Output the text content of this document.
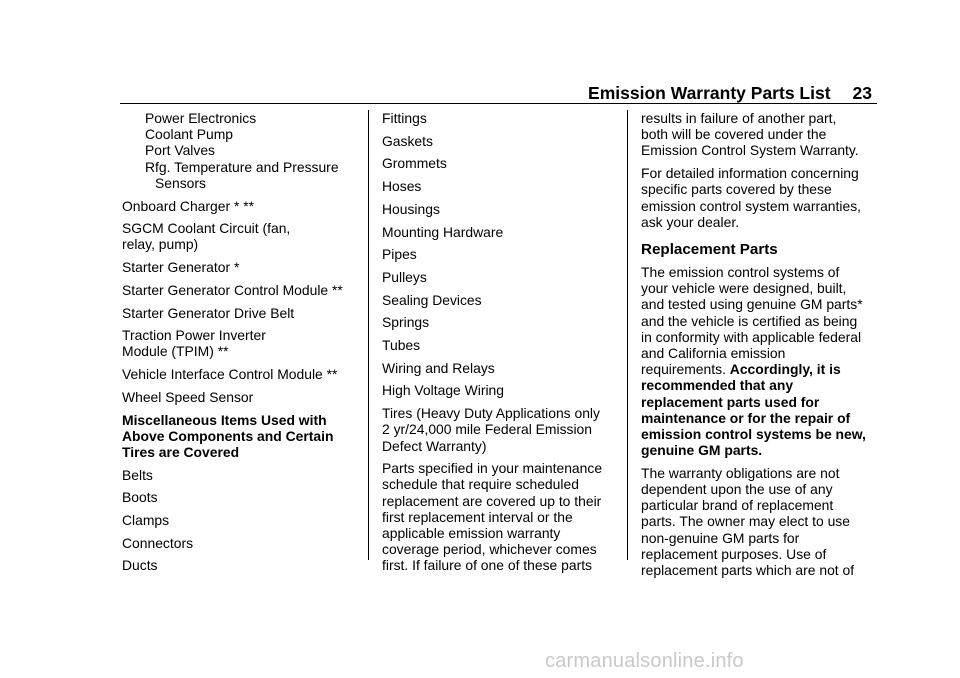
Emission Warranty Parts List 23
Power Electronics
Coolant Pump
Port Valves
Rfg. Temperature and Pressure
Sensors
Onboard Charger * **
SGCM Coolant Circuit (fan,
relay, pump)
Starter Generator *
Starter Generator Control Module **
Starter Generator Drive Belt
Traction Power Inverter
Module (TPIM) **
Vehicle Interface Control Module **
Wheel Speed Sensor
Miscellaneous Items Used with
Above Components and Certain
Tires are Covered
Belts
Boots
Clamps
Connectors
Ducts
Fittings
Gaskets
Grommets
Hoses
Housings
Mounting Hardware
Pipes
Pulleys
Sealing Devices
Springs
Tubes
Wiring and Relays
High Voltage Wiring
Tires (Heavy Duty Applications only
2 yr/24,000 mile Federal Emission
Defect Warranty)
Parts specified in your maintenance
schedule that require scheduled
replacement are covered up to their
first replacement interval or the
applicable emission warranty
coverage period, whichever comes
first. If failure of one of these parts
results in failure of another part,
both will be covered under the
Emission Control System Warranty.
For detailed information concerning
specific parts covered by these
emission control system warranties,
ask your dealer.
Replacement Parts
The emission control systems of
your vehicle were designed, built,
and tested using genuine GM parts*
and the vehicle is certified as being
in conformity with applicable federal
and California emission
requirements. Accordingly, it is
recommended that any
replacement parts used for
maintenance or for the repair of
emission control systems be new,
genuine GM parts.
The warranty obligations are not
dependent upon the use of any
particular brand of replacement
parts. The owner may elect to use
non-genuine GM parts for
replacement purposes. Use of
replacement parts which are not of
carmanualsonline.info
